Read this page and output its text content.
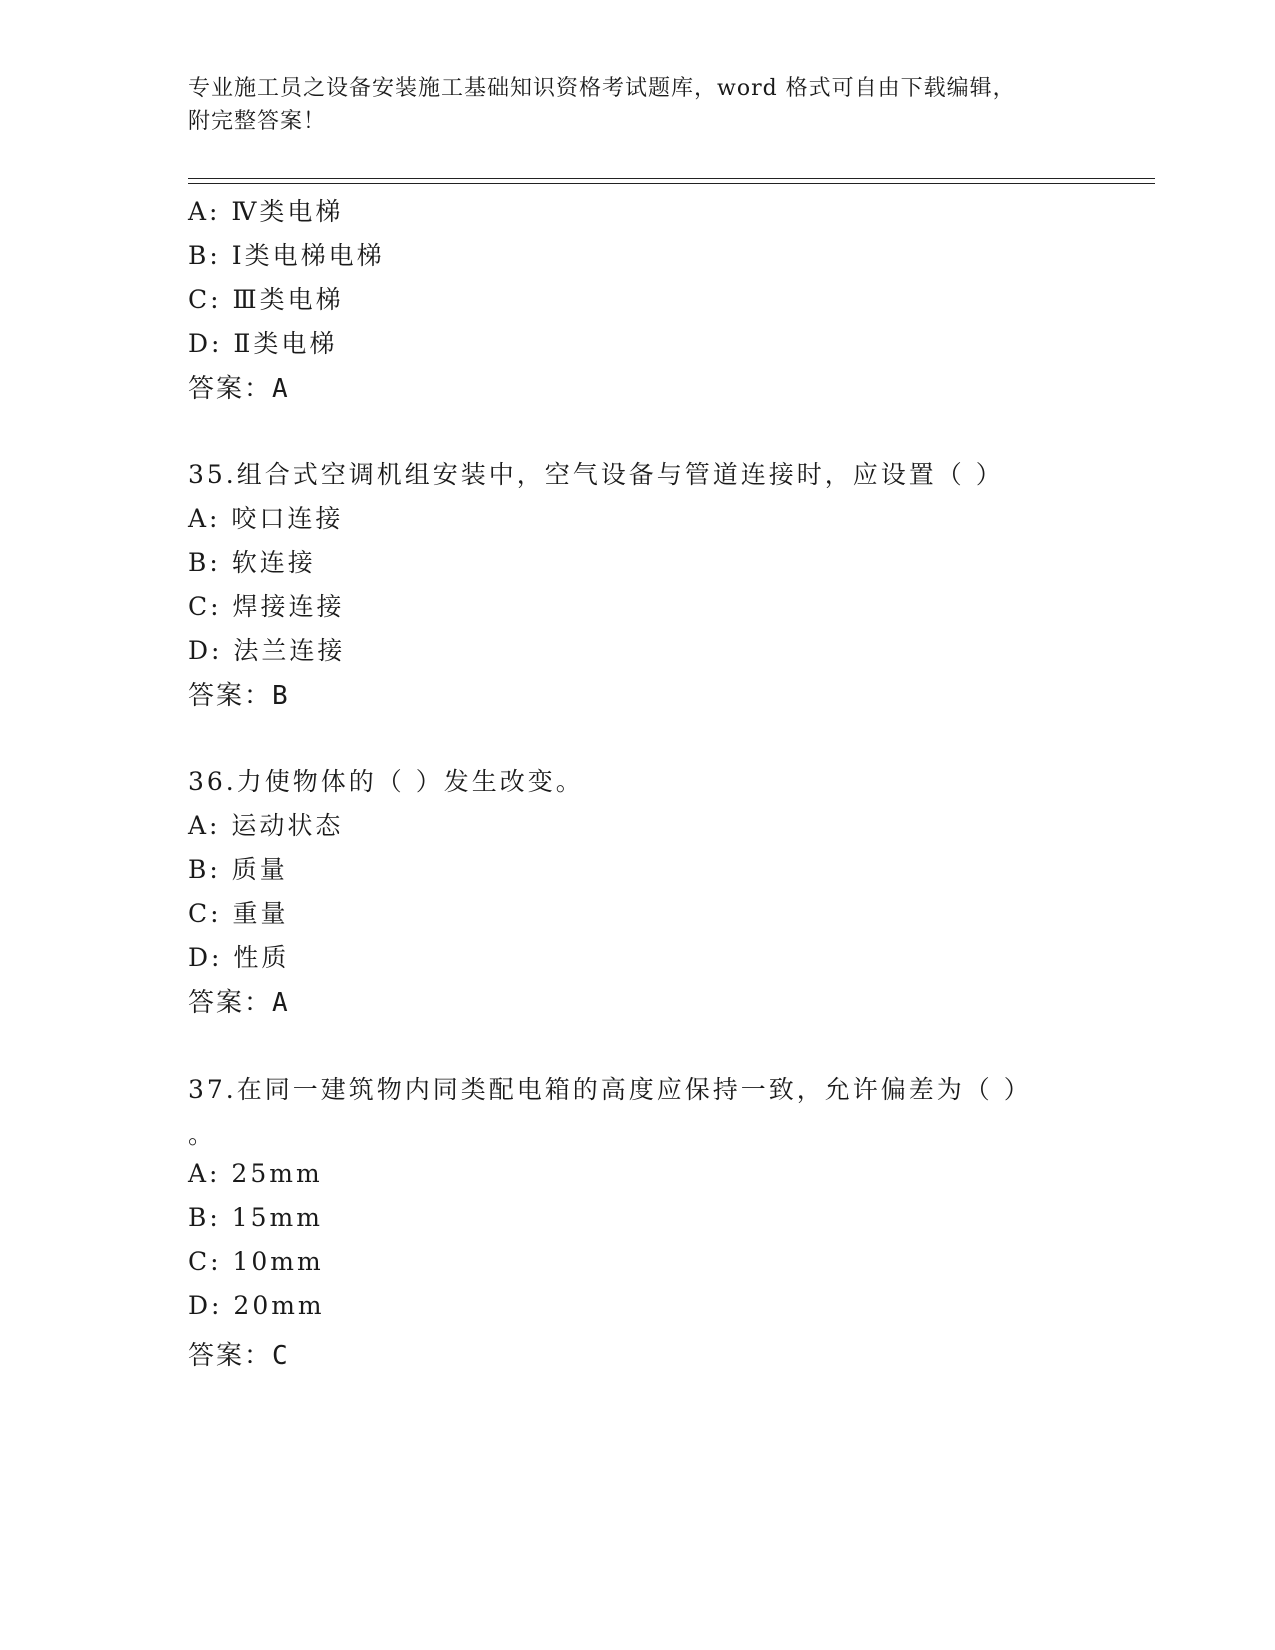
专业施工员之设备安装施工基础知识资格考试题库，word 格式可自由下载编辑，

附完整答案！

A: Ⅳ类电梯
B: Ⅰ类电梯电梯
C: Ⅲ类电梯
D: Ⅱ类电梯
答案：A
35.组合式空调机组安装中，空气设备与管道连接时，应设置（ ）
A: 咬口连接
B: 软连接
C: 焊接连接
D: 法兰连接
答案：B
36.力使物体的（ ）发生改变。
A: 运动状态
B: 质量
C: 重量
D: 性质
答案：A
37.在同一建筑物内同类配电箱的高度应保持一致，允许偏差为（ ）
。
A: 25mm
B: 15mm
C: 10mm
D: 20mm
答案：C
